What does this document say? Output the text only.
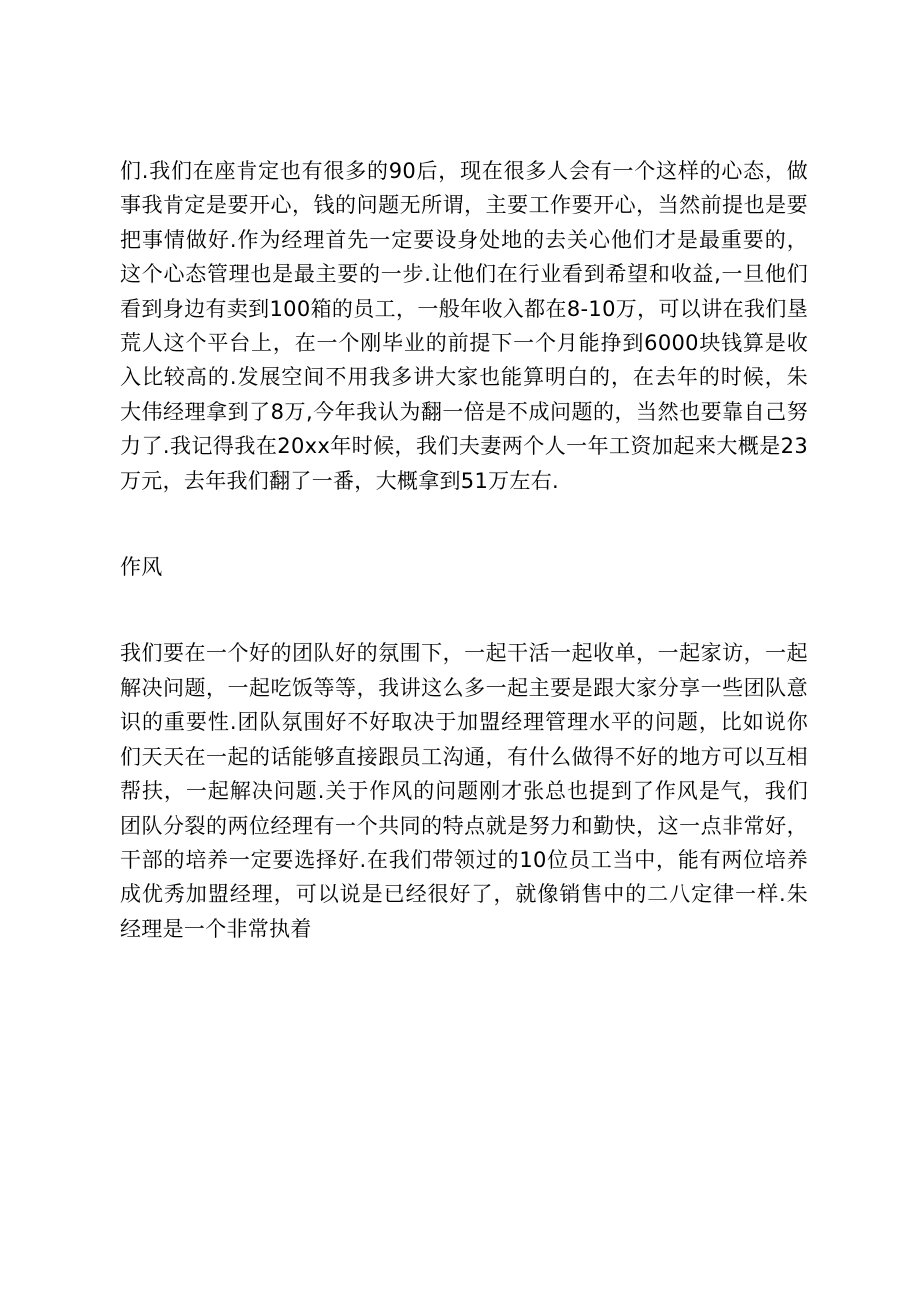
们.我们在座肯定也有很多的90后，现在很多人会有一个这样的心态，做事我肯定是要开心，钱的问题无所谓，主要工作要开心，当然前提也是要把事情做好.作为经理首先一定要设身处地的去关心他们才是最重要的，这个心态管理也是最主要的一步.让他们在行业看到希望和收益,一旦他们看到身边有卖到100箱的员工，一般年收入都在8-10万，可以讲在我们垦荒人这个平台上，在一个刚毕业的前提下一个月能挣到6000块钱算是收入比较高的.发展空间不用我多讲大家也能算明白的，在去年的时候，朱大伟经理拿到了8万,今年我认为翻一倍是不成问题的，当然也要靠自己努力了.我记得我在20xx年时候，我们夫妻两个人一年工资加起来大概是23万元，去年我们翻了一番，大概拿到51万左右.

作风

我们要在一个好的团队好的氛围下，一起干活一起收单，一起家访，一起解决问题，一起吃饭等等，我讲这么多一起主要是跟大家分享一些团队意识的重要性.团队氛围好不好取决于加盟经理管理水平的问题，比如说你们天天在一起的话能够直接跟员工沟通，有什么做得不好的地方可以互相帮扶，一起解决问题.关于作风的问题刚才张总也提到了作风是气，我们团队分裂的两位经理有一个共同的特点就是努力和勤快，这一点非常好，干部的培养一定要选择好.在我们带领过的10位员工当中，能有两位培养成优秀加盟经理，可以说是已经很好了，就像销售中的二八定律一样.朱经理是一个非常执着
